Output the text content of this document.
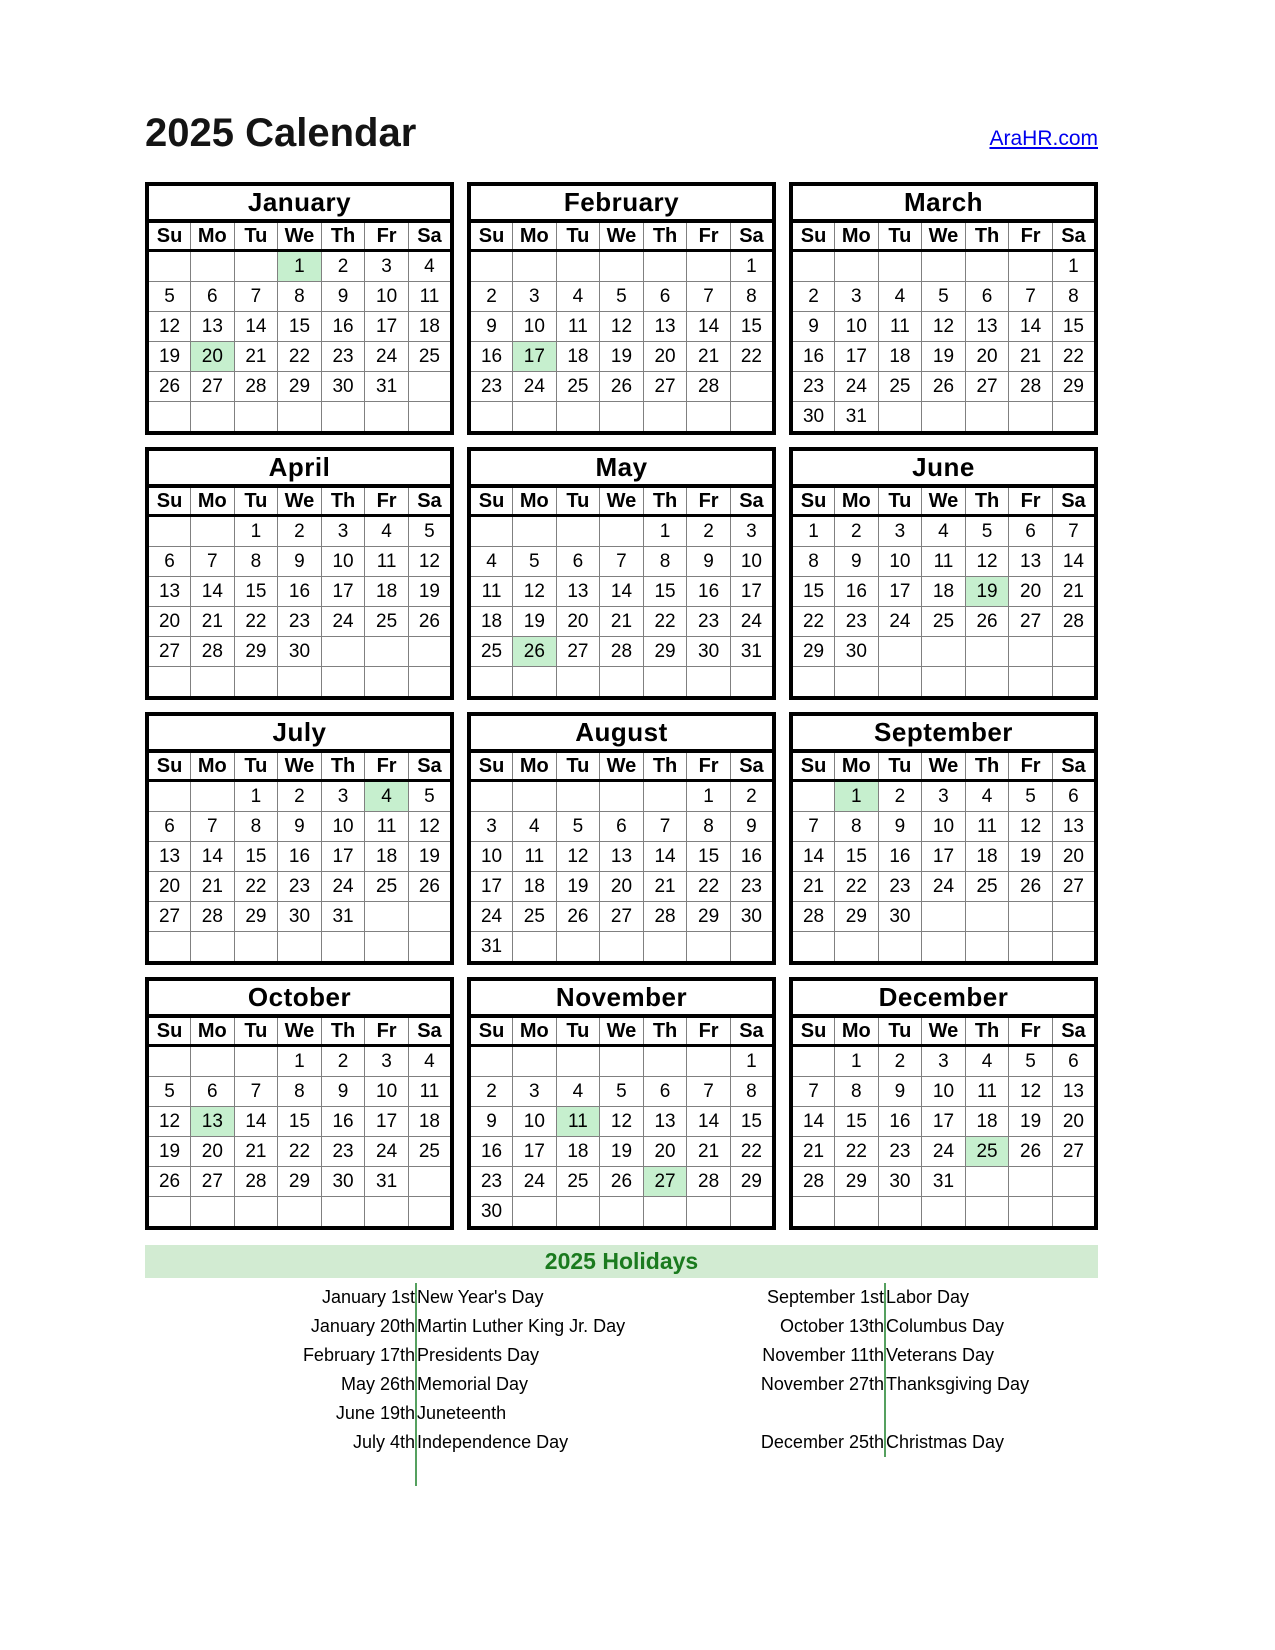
2025 Calendar	AraHR.com
January						
Su	Mo	Tu	We	Th	Fr	Sa
			1	2	3	4
5	6	7	8	9	10	11
12	13	14	15	16	17	18
19	20	21	22	23	24	25
26	27	28	29	30	31	

February						
Su	Mo	Tu	We	Th	Fr	Sa
						1
2	3	4	5	6	7	8
9	10	11	12	13	14	15
16	17	18	19	20	21	22
23	24	25	26	27	28	

March						
Su	Mo	Tu	We	Th	Fr	Sa
						1
2	3	4	5	6	7	8
9	10	11	12	13	14	15
16	17	18	19	20	21	22
23	24	25	26	27	28	29
30	31					
April						
Su	Mo	Tu	We	Th	Fr	Sa
		1	2	3	4	5
6	7	8	9	10	11	12
13	14	15	16	17	18	19
20	21	22	23	24	25	26
27	28	29	30			

May						
Su	Mo	Tu	We	Th	Fr	Sa
				1	2	3
4	5	6	7	8	9	10
11	12	13	14	15	16	17
18	19	20	21	22	23	24
25	26	27	28	29	30	31

June						
Su	Mo	Tu	We	Th	Fr	Sa
1	2	3	4	5	6	7
8	9	10	11	12	13	14
15	16	17	18	19	20	21
22	23	24	25	26	27	28
29	30					

July						
Su	Mo	Tu	We	Th	Fr	Sa
		1	2	3	4	5
6	7	8	9	10	11	12
13	14	15	16	17	18	19
20	21	22	23	24	25	26
27	28	29	30	31		

August						
Su	Mo	Tu	We	Th	Fr	Sa
					1	2
3	4	5	6	7	8	9
10	11	12	13	14	15	16
17	18	19	20	21	22	23
24	25	26	27	28	29	30
31						
September						
Su	Mo	Tu	We	Th	Fr	Sa
	1	2	3	4	5	6
7	8	9	10	11	12	13
14	15	16	17	18	19	20
21	22	23	24	25	26	27
28	29	30				

October						
Su	Mo	Tu	We	Th	Fr	Sa
			1	2	3	4
5	6	7	8	9	10	11
12	13	14	15	16	17	18
19	20	21	22	23	24	25
26	27	28	29	30	31	

November						
Su	Mo	Tu	We	Th	Fr	Sa
						1
2	3	4	5	6	7	8
9	10	11	12	13	14	15
16	17	18	19	20	21	22
23	24	25	26	27	28	29
30						
December						
Su	Mo	Tu	We	Th	Fr	Sa
	1	2	3	4	5	6
7	8	9	10	11	12	13
14	15	16	17	18	19	20
21	22	23	24	25	26	27
28	29	30	31			

2025 Holidays
January 1st	New Year's Day	September 1st	Labor Day
January 20th	Martin Luther King Jr. Day	October 13th	Columbus Day
February 17th	Presidents Day	November 11th	Veterans Day
May 26th	Memorial Day	November 27th	Thanksgiving Day
June 19th	Juneteenth		
July 4th	Independence Day	December 25th	Christmas Day
